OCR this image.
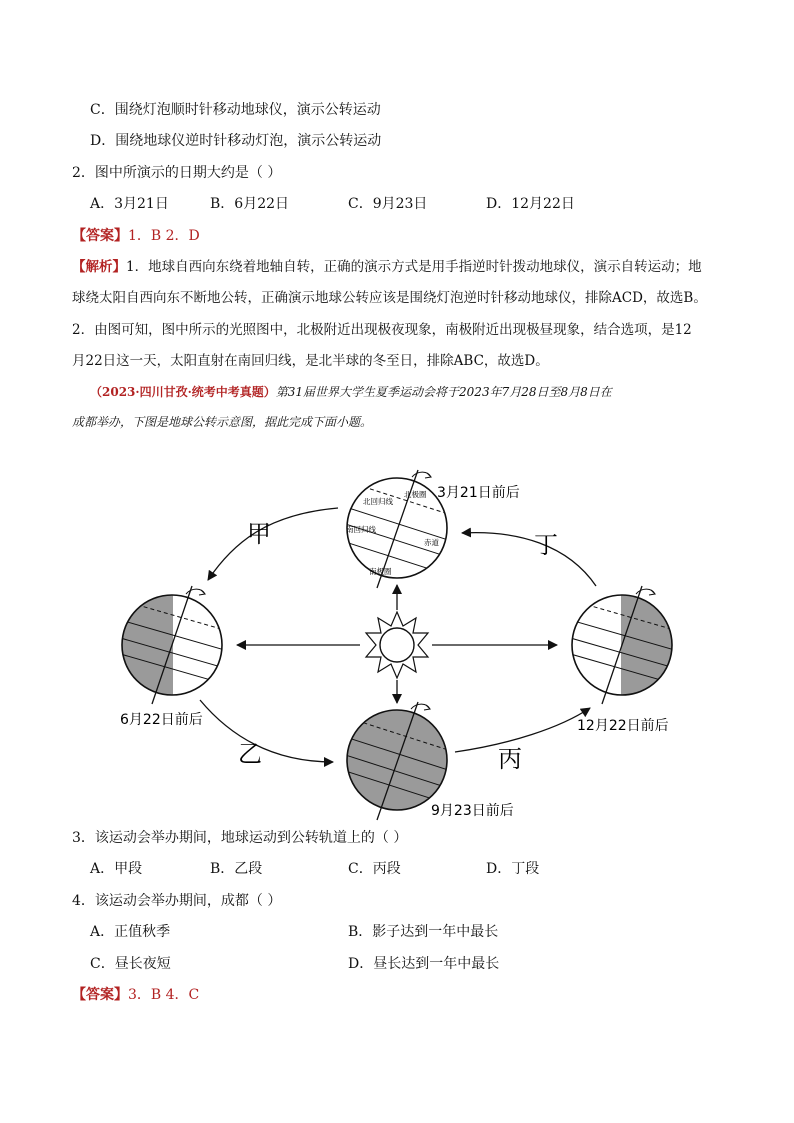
C．围绕灯泡顺时针移动地球仪，演示公转运动
D．围绕地球仪逆时针移动灯泡，演示公转运动
2．图中所演示的日期大约是（ ）
A．3月21日	B．6月22日	C．9月23日	D．12月22日
【答案】1．B 2．D
【解析】1．地球自西向东绕着地轴自转，正确的演示方式是用手指逆时针拨动地球仪，演示自转运动；地
球绕太阳自西向东不断地公转，正确演示地球公转应该是围绕灯泡逆时针移动地球仪，排除ACD，故选B。
2．由图可知，图中所示的光照图中，北极附近出现极夜现象，南极附近出现极昼现象，结合选项，是12
月22日这一天，太阳直射在南回归线，是北半球的冬至日，排除ABC，故选D。
（2023·四川甘孜·统考中考真题）第31届世界大学生夏季运动会将于2023年7月28日至8月8日在
成都举办，下图是地球公转示意图，据此完成下面小题。
北极圈
北回归线
南回归线
赤道
南极圈
甲
乙	丙
丁
3月21日前后
6月22日前后
9月23日前后
12月22日前后
3．该运动会举办期间，地球运动到公转轨道上的（ ）
A．甲段	B．乙段	C．丙段	D．丁段
4．该运动会举办期间，成都（ ）
A．正值秋季	B．影子达到一年中最长
C．昼长夜短	D．昼长达到一年中最长
【答案】3．B 4．C
